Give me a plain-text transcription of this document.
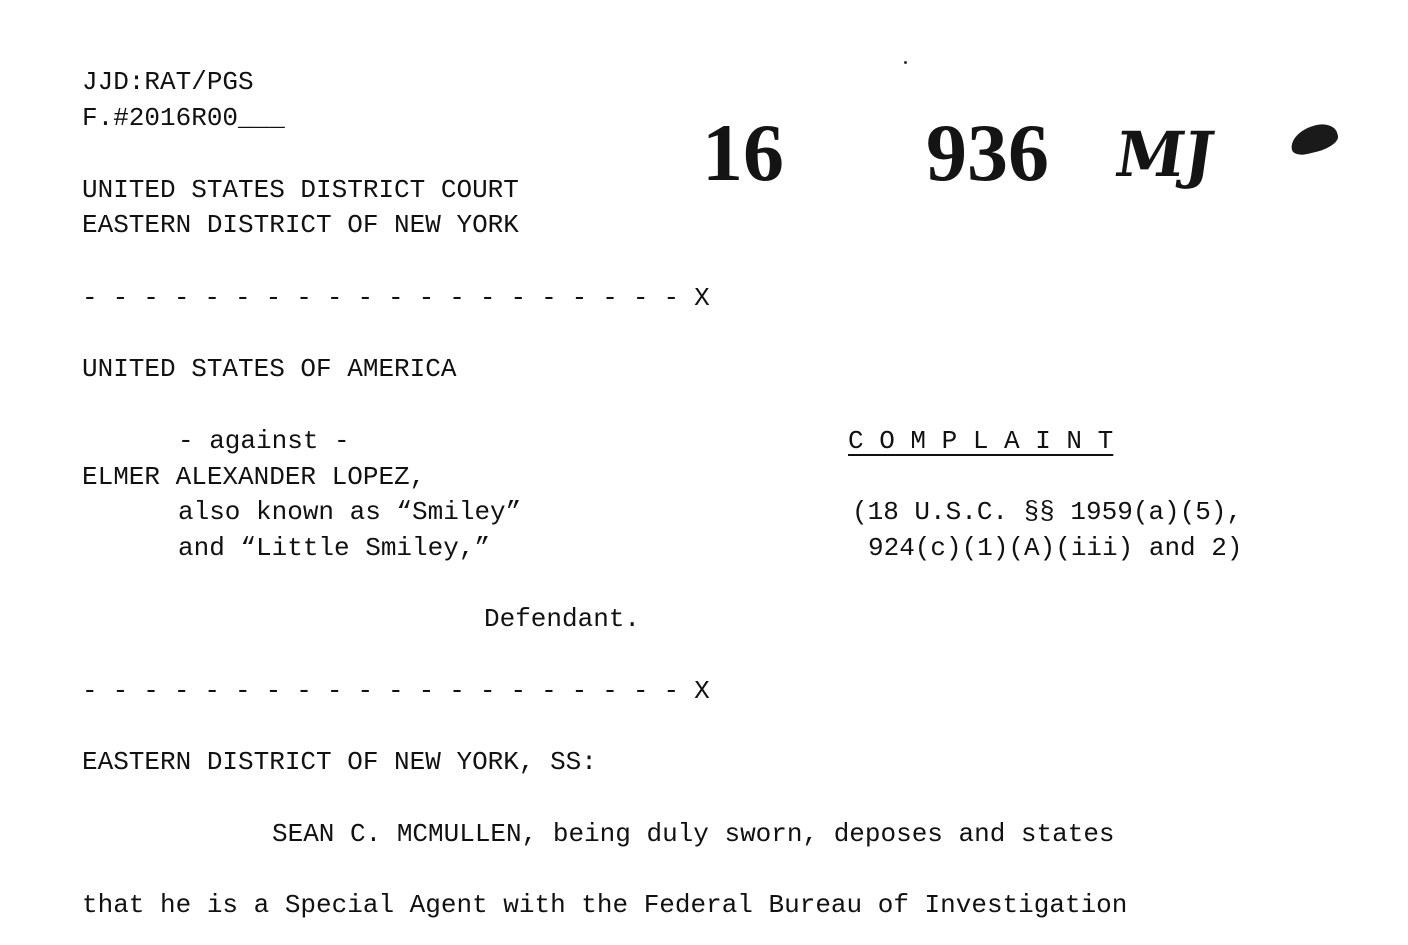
JJD:RAT/PGS
F.#2016R00___	16 936 MJ
UNITED STATES DISTRICT COURT
EASTERN DISTRICT OF NEW YORK
- - - - - - - - - - - - - - - - - - - - X
UNITED STATES OF AMERICA
- against -
ELMER ALEXANDER LOPEZ,
also known as “Smiley”
and “Little Smiley,”
Defendant.
C O M P L A I N T
(18 U.S.C. §§ 1959(a)(5),
924(c)(1)(A)(iii) and 2)
- - - - - - - - - - - - - - - - - - - - X
EASTERN DISTRICT OF NEW YORK, SS:
SEAN C. MCMULLEN, being duly sworn, deposes and states
that he is a Special Agent with the Federal Bureau of Investigation
